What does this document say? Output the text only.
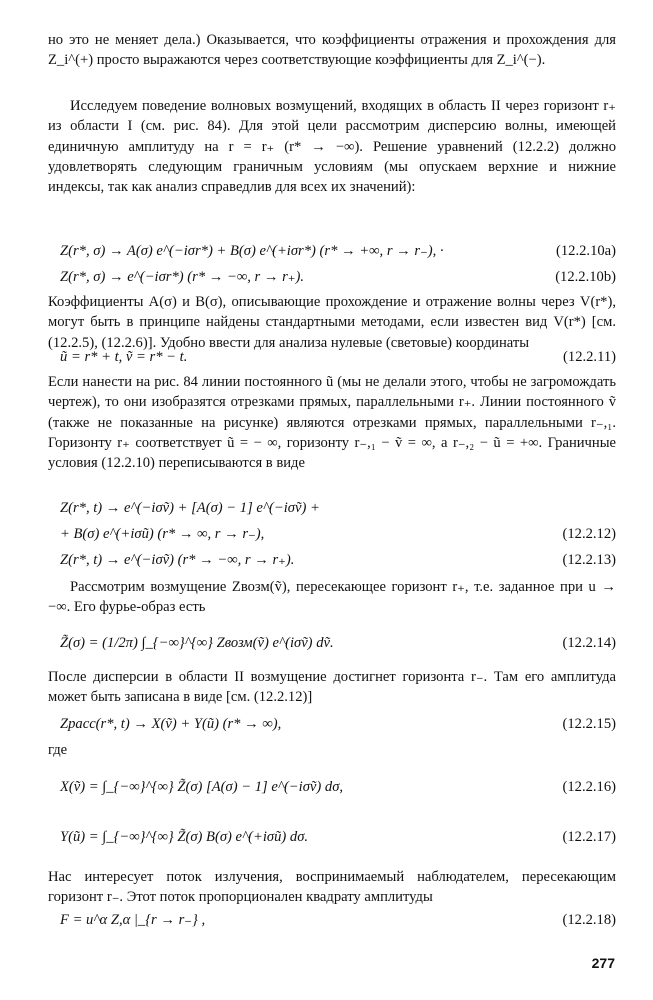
но это не меняет дела.) Оказывается, что коэффициенты отражения и прохождения для Z_i^(+) просто выражаются через соответствующие коэффициенты для Z_i^(−).

Исследуем поведение волновых возмущений, входящих в область II через горизонт r₊ из области I (см. рис. 84). Для этой цели рассмотрим дисперсию волны, имеющей единичную амплитуду на r = r₊ (r* → −∞). Решение уравнений (12.2.2) должно удовлетворять следующим граничным условиям (мы опускаем верхние и нижние индексы, так как анализ справедлив для всех их значений):

Z(r*, σ) → A(σ) e^(−iσr*) + B(σ) e^(+iσr*) (r* → +∞, r → r₋), ·	(12.2.10a)
Z(r*, σ) → e^(−iσr*) (r* → −∞, r → r₊).	(12.2.10b)

Коэффициенты A(σ) и B(σ), описывающие прохождение и отражение волны через V(r*), могут быть в принципе найдены стандартными методами, если известен вид V(r*) [см. (12.2.5), (12.2.6)]. Удобно ввести для анализа нулевые (световые) координаты

ũ = r* + t, ṽ = r* − t.	(12.2.11)

Если нанести на рис. 84 линии постоянного ũ (мы не делали этого, чтобы не загромождать чертеж), то они изобразятся отрезками прямых, параллельными r₊. Линии постоянного ṽ (также не показанные на рисунке) являются отрезками прямых, параллельными r₋,₁. Горизонту r₊ соответствует ũ = − ∞, горизонту r₋,₁ − ṽ = ∞, а r₋,₂ − ũ = +∞. Граничные условия (12.2.10) переписываются в виде

Z(r*, t) → e^(−iσṽ) + [A(σ) − 1] e^(−iσṽ) +
+ B(σ) e^(+iσũ) (r* → ∞, r → r₋),	(12.2.12)
Z(r*, t) → e^(−iσṽ) (r* → −∞, r → r₊).	(12.2.13)

Рассмотрим возмущение Zвозм(ṽ), пересекающее горизонт r₊, т.е. заданное при u → −∞. Его фурье-образ есть

Z̃(σ) = (1/2π) ∫_{−∞}^{∞} Zвозм(ṽ) e^(iσṽ) dṽ.	(12.2.14)

После дисперсии в области II возмущение достигнет горизонта r₋. Там его амплитуда может быть записана в виде [см. (12.2.12)]

Zрасс(r*, t) → X(ṽ) + Y(ũ) (r* → ∞),	(12.2.15)

где

X(ṽ) = ∫_{−∞}^{∞} Z̃(σ) [A(σ) − 1] e^(−iσṽ) dσ,	(12.2.16)
Y(ũ) = ∫_{−∞}^{∞} Z̃(σ) B(σ) e^(+iσũ) dσ.	(12.2.17)

Нас интересует поток излучения, воспринимаемый наблюдателем, пересекающим горизонт r₋. Этот поток пропорционален квадрату амплитуды

F = u^α Z,α |_{r → r₋} ,	(12.2.18)
277
